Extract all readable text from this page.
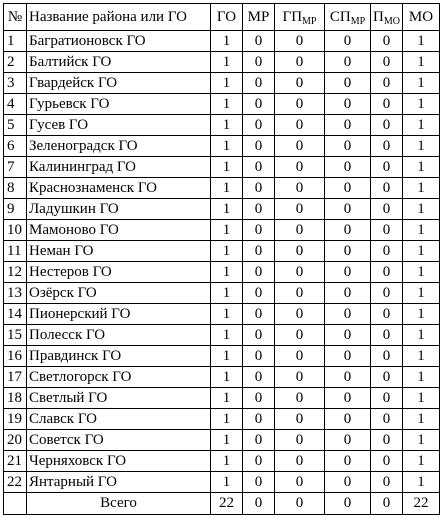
№	Название района или ГО	ГО	МР	$ГП_{МР}$	$СП_{МР}$	$П_{МО}$	МО
1	Багратионовск ГО	1	0	0	0	0	1
2	Балтийск ГО	1	0	0	0	0	1
3	Гвардейск ГО	1	0	0	0	0	1
4	Гурьевск ГО	1	0	0	0	0	1
5	Гусев ГО	1	0	0	0	0	1
6	Зеленоградск ГО	1	0	0	0	0	1
7	Калининград ГО	1	0	0	0	0	1
8	Краснознаменск ГО	1	0	0	0	0	1
9	Ладушкин ГО	1	0	0	0	0	1
10	Мамоново ГО	1	0	0	0	0	1
11	Неман ГО	1	0	0	0	0	1
12	Нестеров ГО	1	0	0	0	0	1
13	Озёрск ГО	1	0	0	0	0	1
14	Пионерский ГО	1	0	0	0	0	1
15	Полесск ГО	1	0	0	0	0	1
16	Правдинск ГО	1	0	0	0	0	1
17	Светлогорск ГО	1	0	0	0	0	1
18	Светлый ГО	1	0	0	0	0	1
19	Славск ГО	1	0	0	0	0	1
20	Советск ГО	1	0	0	0	0	1
21	Черняховск ГО	1	0	0	0	0	1
22	Янтарный ГО	1	0	0	0	0	1
	Всего	22	0	0	0	0	22
